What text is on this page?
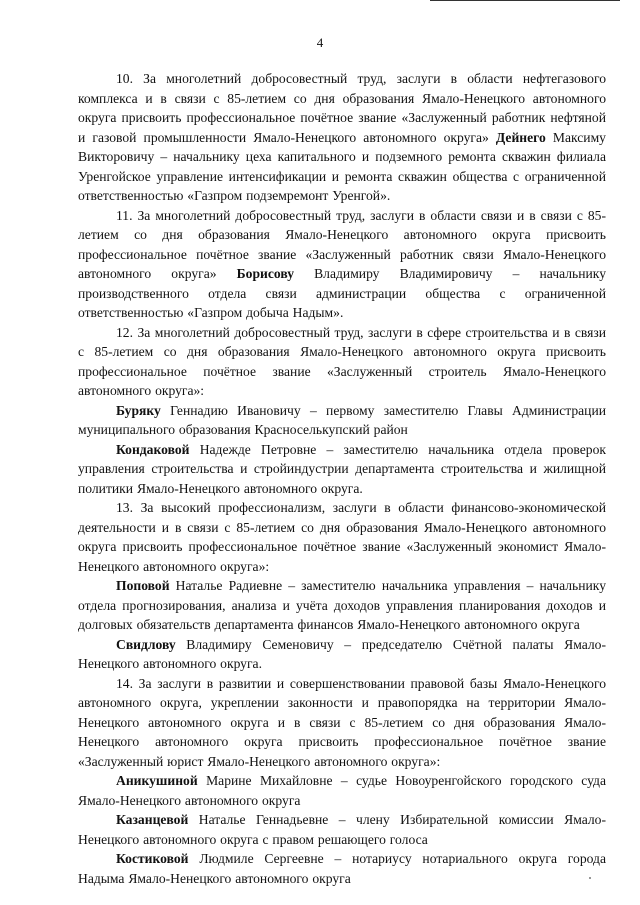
4

10. За многолетний добросовестный труд, заслуги в области нефтегазового комплекса и в связи с 85-летием со дня образования Ямало-Ненецкого автономного округа присвоить профессиональное почётное звание «Заслуженный работник нефтяной и газовой промышленности Ямало-Ненецкого автономного округа» Дейнего Максиму Викторовичу – начальнику цеха капитального и подземного ремонта скважин филиала Уренгойское управление интенсификации и ремонта скважин общества с ограниченной ответственностью «Газпром подземремонт Уренгой».

11. За многолетний добросовестный труд, заслуги в области связи и в связи с 85-летием со дня образования Ямало-Ненецкого автономного округа присвоить профессиональное почётное звание «Заслуженный работник связи Ямало-Ненецкого автономного округа» Борисову Владимиру Владимировичу – начальнику производственного отдела связи администрации общества с ограниченной ответственностью «Газпром добыча Надым».

12. За многолетний добросовестный труд, заслуги в сфере строительства и в связи с 85-летием со дня образования Ямало-Ненецкого автономного округа присвоить профессиональное почётное звание «Заслуженный строитель Ямало-Ненецкого автономного округа»:

Буряку Геннадию Ивановичу – первому заместителю Главы Администрации муниципального образования Красноселькупский район

Кондаковой Надежде Петровне – заместителю начальника отдела проверок управления строительства и стройиндустрии департамента строительства и жилищной политики Ямало-Ненецкого автономного округа.

13. За высокий профессионализм, заслуги в области финансово-экономической деятельности и в связи с 85-летием со дня образования Ямало-Ненецкого автономного округа присвоить профессиональное почётное звание «Заслуженный экономист Ямало-Ненецкого автономного округа»:

Поповой Наталье Радиевне – заместителю начальника управления – начальнику отдела прогнозирования, анализа и учёта доходов управления планирования доходов и долговых обязательств департамента финансов Ямало-Ненецкого автономного округа

Свидлову Владимиру Семеновичу – председателю Счётной палаты Ямало-Ненецкого автономного округа.

14. За заслуги в развитии и совершенствовании правовой базы Ямало-Ненецкого автономного округа, укреплении законности и правопорядка на территории Ямало-Ненецкого автономного округа и в связи с 85-летием со дня образования Ямало-Ненецкого автономного округа присвоить профессиональное почётное звание «Заслуженный юрист Ямало-Ненецкого автономного округа»:

Аникушиной Марине Михайловне – судье Новоуренгойского городского суда Ямало-Ненецкого автономного округа

Казанцевой Наталье Геннадьевне – члену Избирательной комиссии Ямало-Ненецкого автономного округа с правом решающего голоса

Костиковой Людмиле Сергеевне – нотариусу нотариального округа города Надыма Ямало-Ненецкого автономного округа
